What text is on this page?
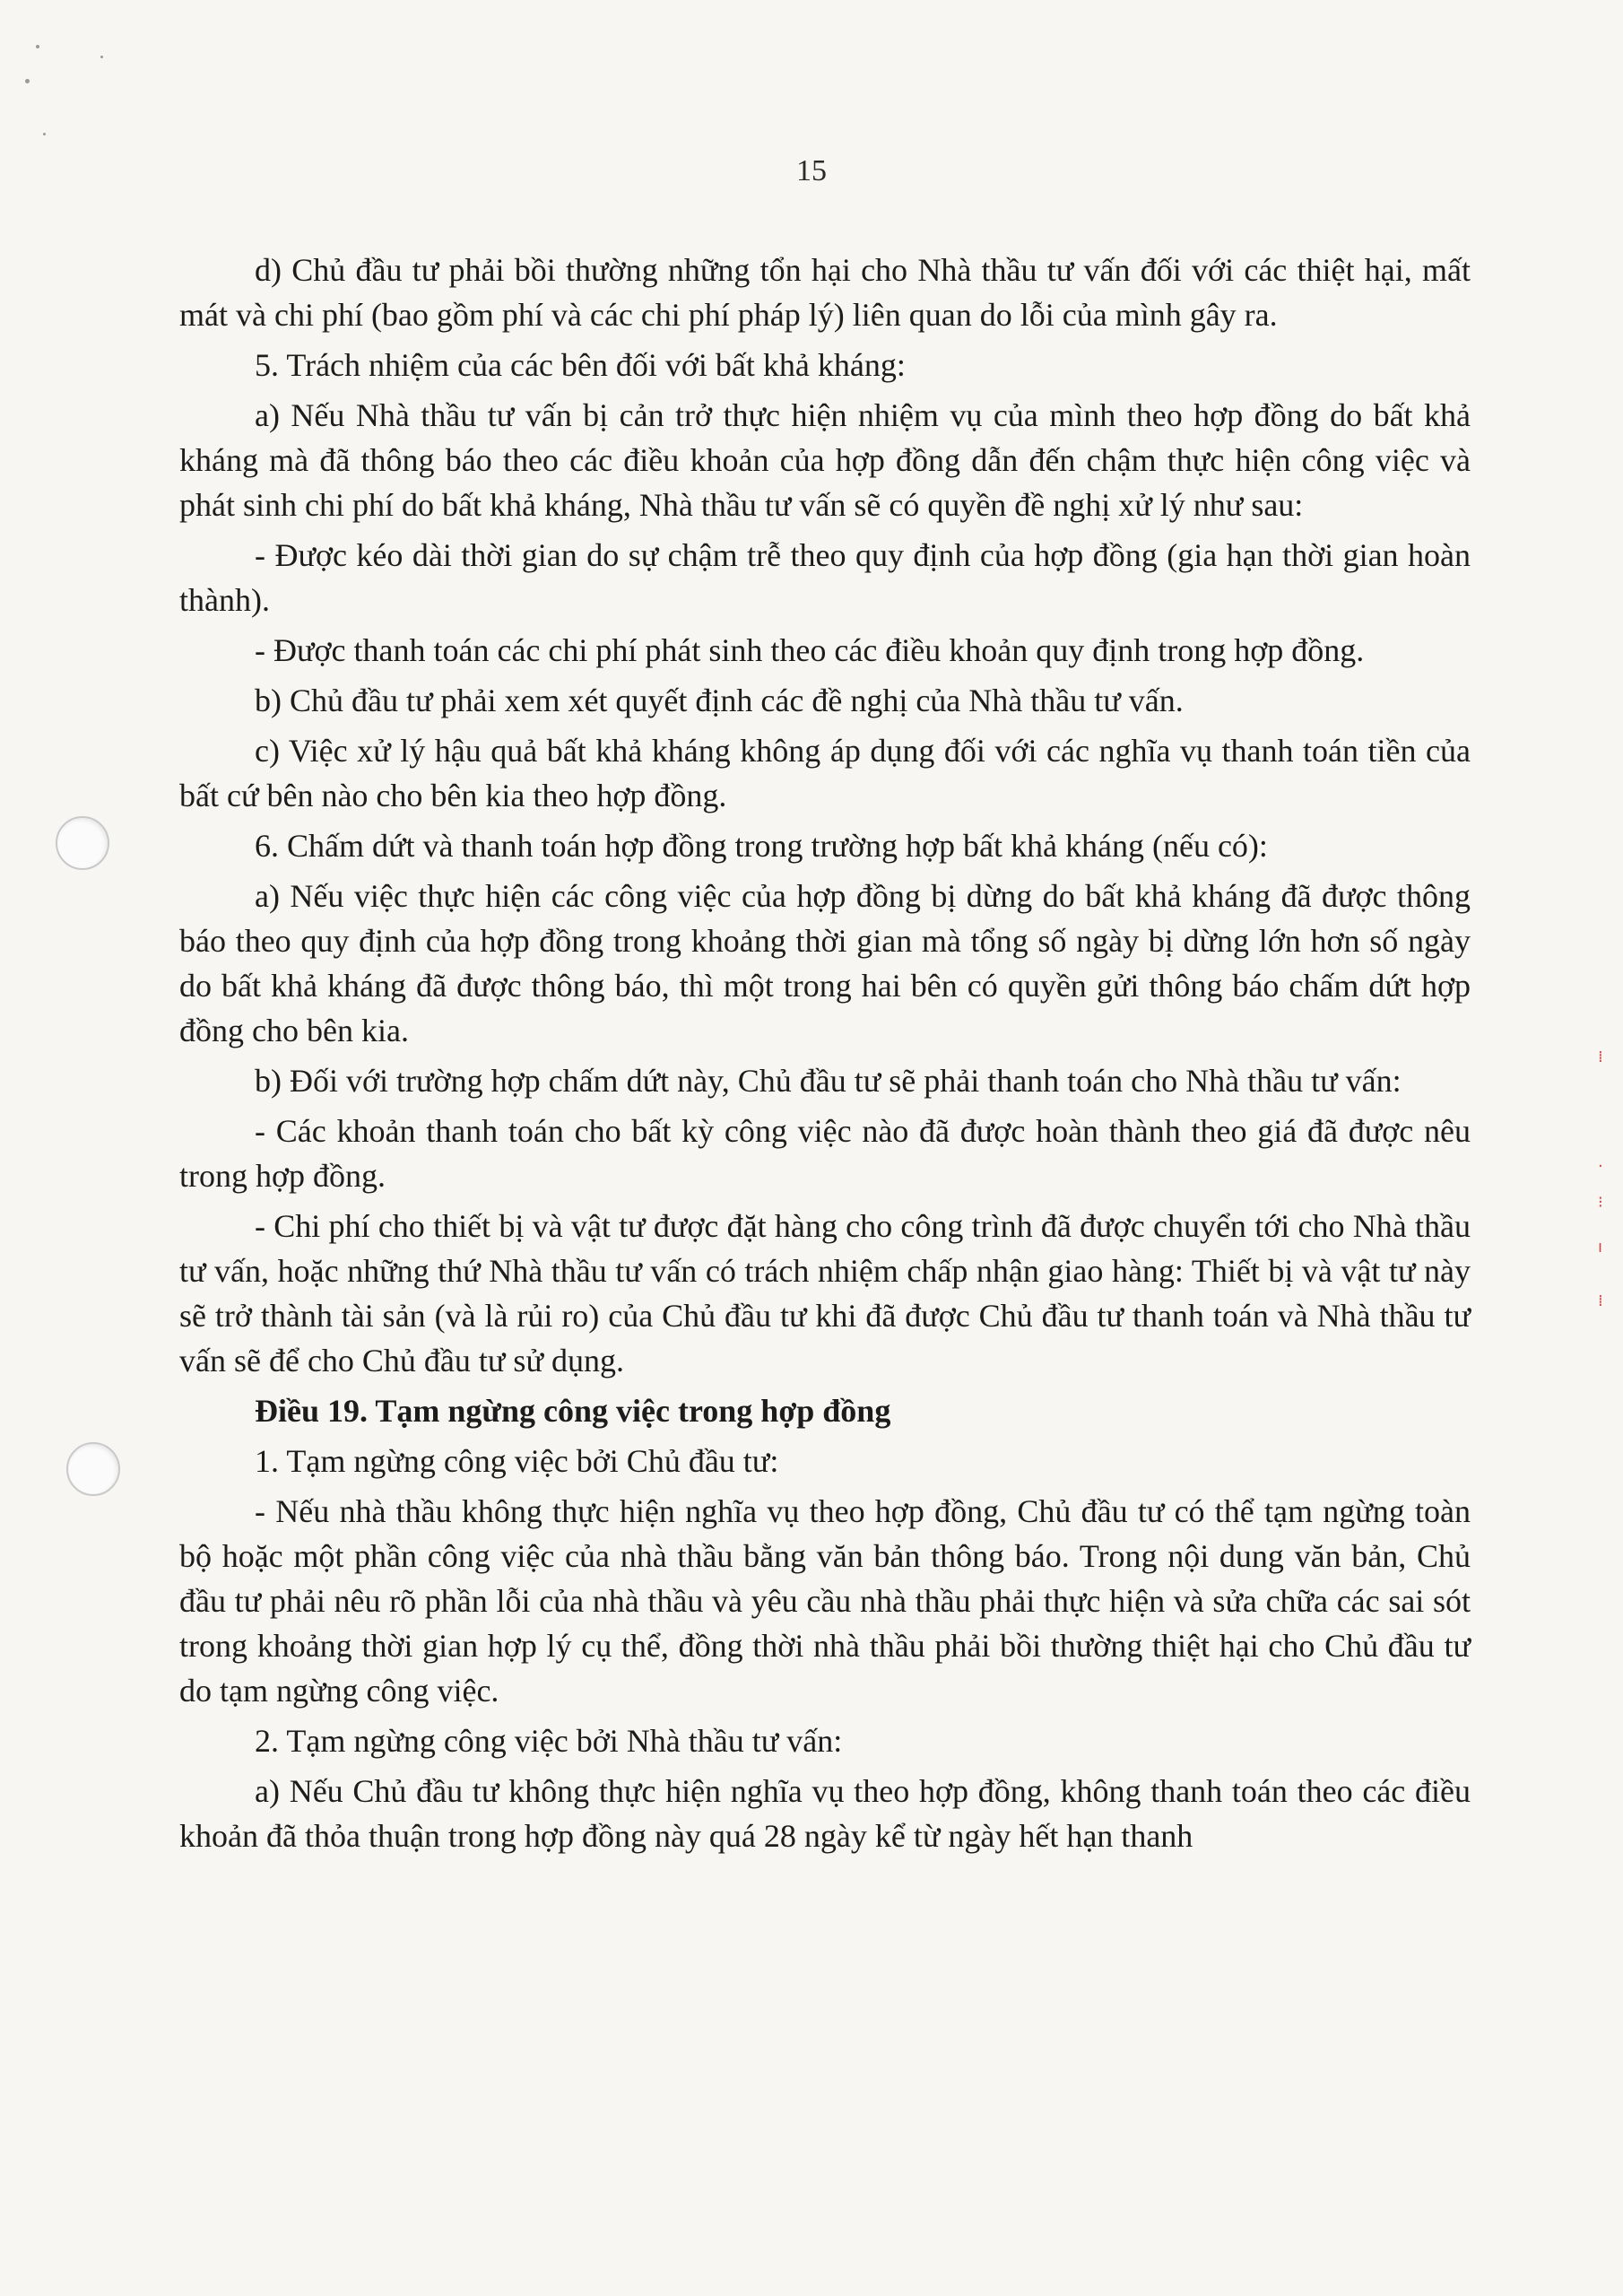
15
⁞
·
⁝
ı
⁞

d) Chủ đầu tư phải bồi thường những tổn hại cho Nhà thầu tư vấn đối với các thiệt hại, mất mát và chi phí (bao gồm phí và các chi phí pháp lý) liên quan do lỗi của mình gây ra.

5. Trách nhiệm của các bên đối với bất khả kháng:

a) Nếu Nhà thầu tư vấn bị cản trở thực hiện nhiệm vụ của mình theo hợp đồng do bất khả kháng mà đã thông báo theo các điều khoản của hợp đồng dẫn đến chậm thực hiện công việc và phát sinh chi phí do bất khả kháng, Nhà thầu tư vấn sẽ có quyền đề nghị xử lý như sau:

- Được kéo dài thời gian do sự chậm trễ theo quy định của hợp đồng (gia hạn thời gian hoàn thành).

- Được thanh toán các chi phí phát sinh theo các điều khoản quy định trong hợp đồng.

b) Chủ đầu tư phải xem xét quyết định các đề nghị của Nhà thầu tư vấn.

c) Việc xử lý hậu quả bất khả kháng không áp dụng đối với các nghĩa vụ thanh toán tiền của bất cứ bên nào cho bên kia theo hợp đồng.

6. Chấm dứt và thanh toán hợp đồng trong trường hợp bất khả kháng (nếu có):

a) Nếu việc thực hiện các công việc của hợp đồng bị dừng do bất khả kháng đã được thông báo theo quy định của hợp đồng trong khoảng thời gian mà tổng số ngày bị dừng lớn hơn số ngày do bất khả kháng đã được thông báo, thì một trong hai bên có quyền gửi thông báo chấm dứt hợp đồng cho bên kia.

b) Đối với trường hợp chấm dứt này, Chủ đầu tư sẽ phải thanh toán cho Nhà thầu tư vấn:

- Các khoản thanh toán cho bất kỳ công việc nào đã được hoàn thành theo giá đã được nêu trong hợp đồng.

- Chi phí cho thiết bị và vật tư được đặt hàng cho công trình đã được chuyển tới cho Nhà thầu tư vấn, hoặc những thứ Nhà thầu tư vấn có trách nhiệm chấp nhận giao hàng: Thiết bị và vật tư này sẽ trở thành tài sản (và là rủi ro) của Chủ đầu tư khi đã được Chủ đầu tư thanh toán và Nhà thầu tư vấn sẽ để cho Chủ đầu tư sử dụng.

Điều 19. Tạm ngừng công việc trong hợp đồng

1. Tạm ngừng công việc bởi Chủ đầu tư:

- Nếu nhà thầu không thực hiện nghĩa vụ theo hợp đồng, Chủ đầu tư có thể tạm ngừng toàn bộ hoặc một phần công việc của nhà thầu bằng văn bản thông báo. Trong nội dung văn bản, Chủ đầu tư phải nêu rõ phần lỗi của nhà thầu và yêu cầu nhà thầu phải thực hiện và sửa chữa các sai sót trong khoảng thời gian hợp lý cụ thể, đồng thời nhà thầu phải bồi thường thiệt hại cho Chủ đầu tư do tạm ngừng công việc.

2. Tạm ngừng công việc bởi Nhà thầu tư vấn:

a) Nếu Chủ đầu tư không thực hiện nghĩa vụ theo hợp đồng, không thanh toán theo các điều khoản đã thỏa thuận trong hợp đồng này quá 28 ngày kể từ ngày hết hạn thanh
